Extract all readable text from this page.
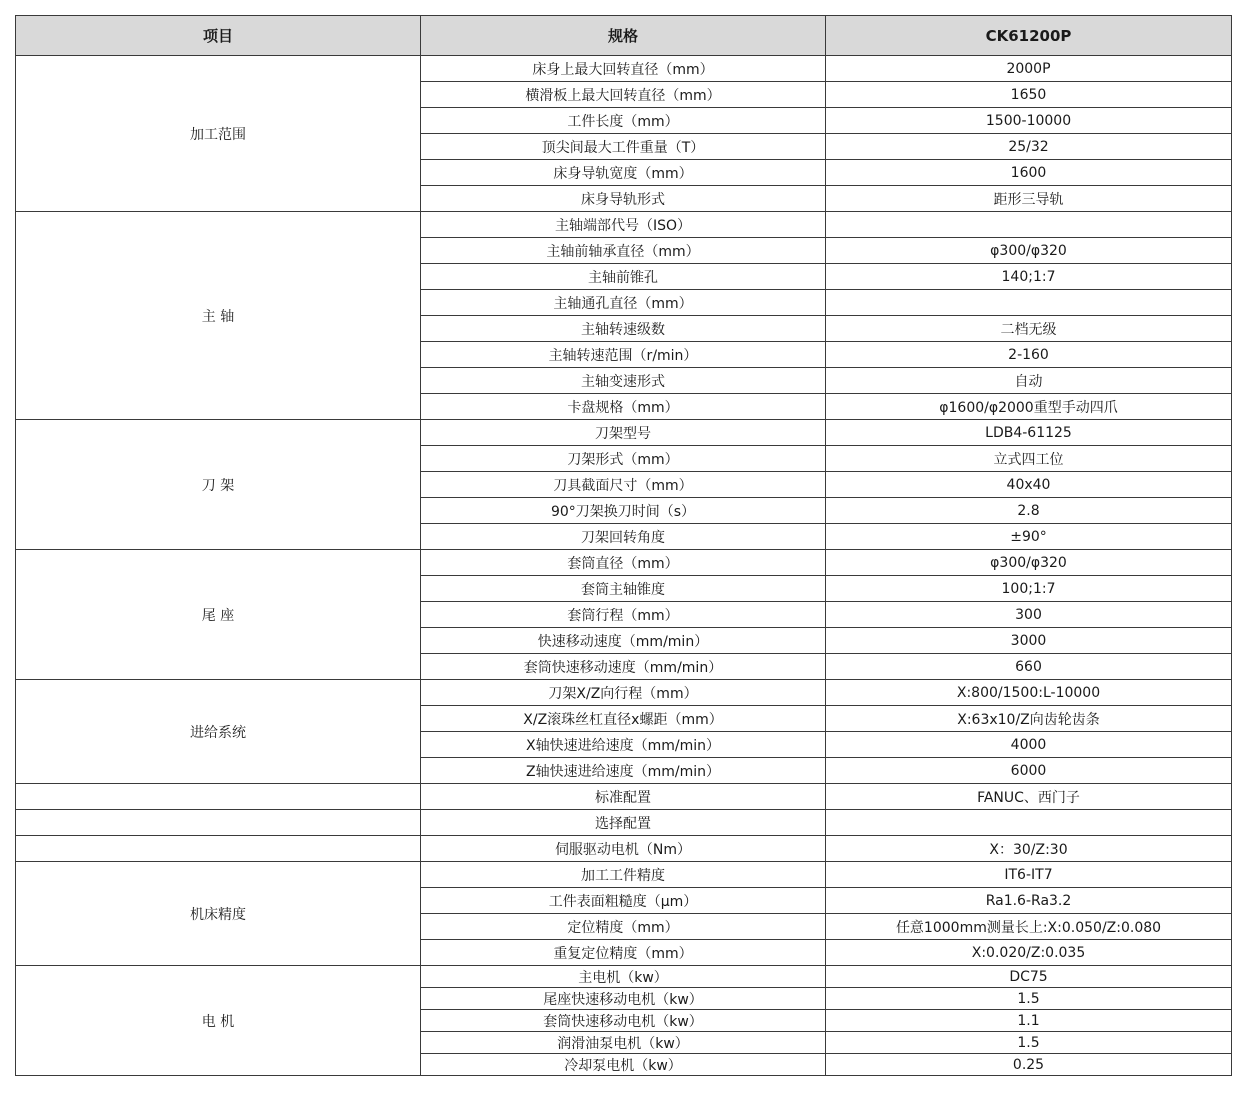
项目	规格	CK61200P
加工范围	床身上最大回转直径（mm）	2000P
	横滑板上最大回转直径（mm）	1650
	工件长度（mm）	1500-10000
	顶尖间最大工件重量（T）	25/32
	床身导轨宽度（mm）	1600
	床身导轨形式	距形三导轨
主 轴	主轴端部代号（ISO）	
	主轴前轴承直径（mm）	φ300/φ320
	主轴前锥孔	140;1:7
	主轴通孔直径（mm）	
	主轴转速级数	二档无级
	主轴转速范围（r/min）	2-160
	主轴变速形式	自动
	卡盘规格（mm）	φ1600/φ2000重型手动四爪
刀 架	刀架型号	LDB4-61125
	刀架形式（mm）	立式四工位
	刀具截面尺寸（mm）	40x40
	90°刀架换刀时间（s）	2.8
	刀架回转角度	±90°
尾 座	套筒直径（mm）	φ300/φ320
	套筒主轴锥度	100;1:7
	套筒行程（mm）	300
	快速移动速度（mm/min）	3000
	套筒快速移动速度（mm/min）	660
进给系统	刀架X/Z向行程（mm）	X:800/1500:L-10000
	X/Z滚珠丝杠直径x螺距（mm）	X:63x10/Z向齿轮齿条
	X轴快速进给速度（mm/min）	4000
	Z轴快速进给速度（mm/min）	6000
	标准配置	FANUC、西门子
	选择配置	
	伺服驱动电机（Nm）	X：30/Z:30
机床精度	加工工件精度	IT6-IT7
	工件表面粗糙度（μm）	Ra1.6-Ra3.2
	定位精度（mm）	任意1000mm测量长上:X:0.050/Z:0.080
	重复定位精度（mm）	X:0.020/Z:0.035
电 机	主电机（kw）	DC75
	尾座快速移动电机（kw）	1.5
	套筒快速移动电机（kw）	1.1
	润滑油泵电机（kw）	1.5
	冷却泵电机（kw）	0.25
